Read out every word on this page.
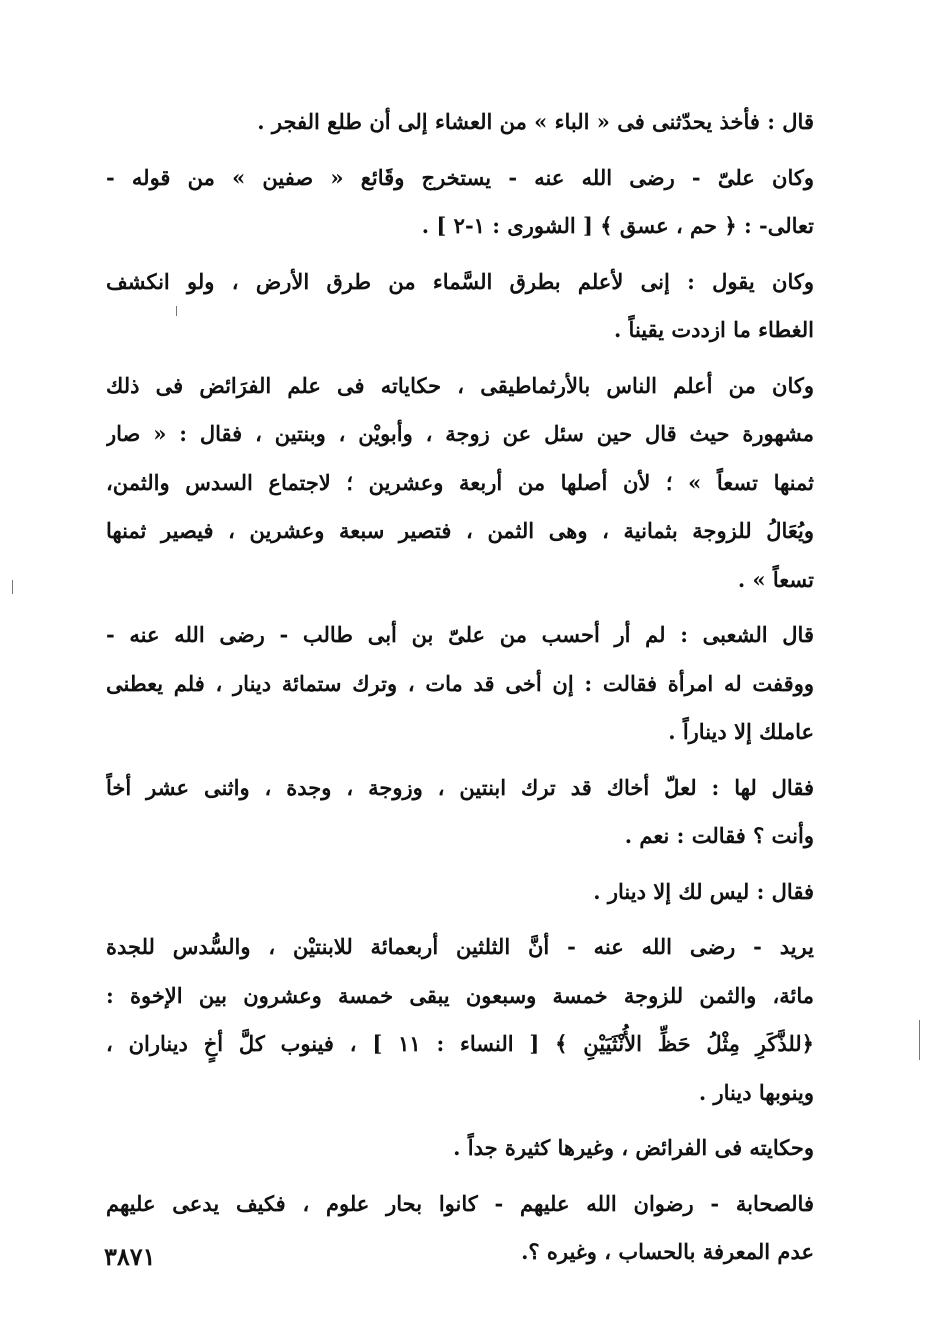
قال : فأخذ يحدّثنى فى « الباء » من العشاء إلى أن طلع الفجر .
وكان علىّ - رضى الله عنه - يستخرج وقَائع « صفين » من قوله -
تعالى- : ﴿ حم ، عسق ﴾ [ الشورى : ١-٢ ] .
وكان يقول : إنى لأعلم بطرق السَّماء من طرق الأرض ، ولو انكشف
الغطاء ما ازددت يقيناً .
وكان من أعلم الناس بالأرثماطيقى ، حكاياته فى علم الفرَائض فى ذلك
مشهورة حيث قال حين سئل عن زوجة ، وأبويْن ، وبنتين ، فقال : « صار
ثمنها تسعاً » ؛ لأن أصلها من أربعة وعشرين ؛ لاجتماع السدس والثمن،
ويُعَالُ للزوجة بثمانية ، وهى الثمن ، فتصير سبعة وعشرين ، فيصير ثمنها
تسعاً » .
قال الشعبى : لم أر أحسب من علىّ بن أبى طالب - رضى الله عنه -
ووقفت له امرأة فقالت : إن أخى قد مات ، وترك ستمائة دينار ، فلم يعطنى
عاملك إلا ديناراً .
فقال لها : لعلّ أخاك قد ترك ابنتين ، وزوجة ، وجدة ، واثنى عشر أخاً
وأنت ؟ فقالت : نعم .
فقال : ليس لك إلا دينار .
يريد - رضى الله عنه - أنَّ الثلثين أربعمائة للابنتيْن ، والسُّدس للجدة
مائة، والثمن للزوجة خمسة وسبعون يبقى خمسة وعشرون بين الإخوة :
﴿للذَّكَرِ مِثْلُ حَظِّ الأُنْثَيَيْنِ ﴾ [ النساء : ١١ ] ، فينوب كلَّ أخٍ ديناران ،
وينوبها دينار .
وحكايته فى الفرائض ، وغيرها كثيرة جداً .
فالصحابة - رضوان الله عليهم - كانوا بحار علوم ، فكيف يدعى عليهم
عدم المعرفة بالحساب ، وغيره ؟.
٣٨٧١
